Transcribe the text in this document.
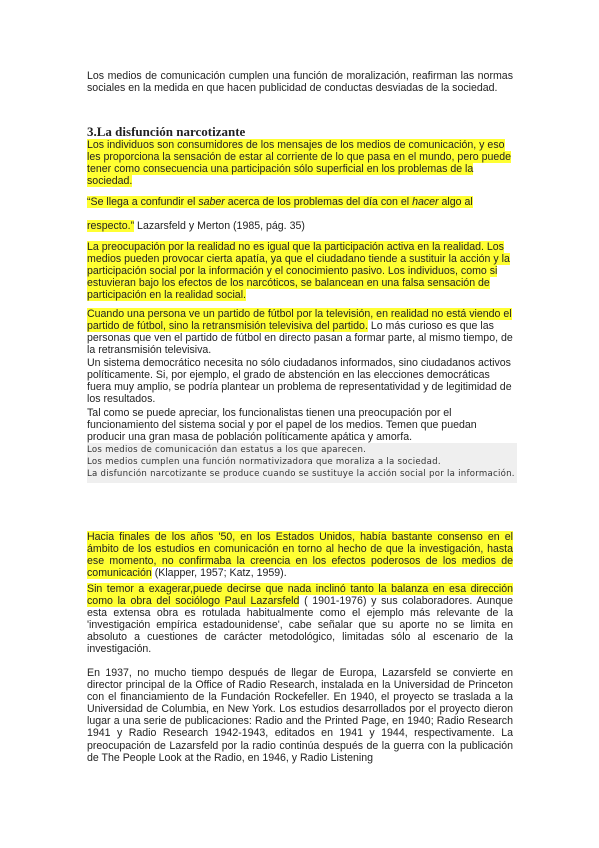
Los medios de comunicación cumplen una función de moralización, reafirman las normas sociales en la medida en que hacen publicidad de conductas desviadas de la sociedad.

3.La disfunción narcotizante

Los individuos son consumidores de los mensajes de los medios de comunicación, y eso les proporciona la sensación de estar al corriente de lo que pasa en el mundo, pero puede tener como consecuencia una participación sólo superficial en los problemas de la sociedad.

“Se llega a confundir el saber acerca de los problemas del día con el hacer algo al respecto.” Lazarsfeld y Merton (1985, pág. 35)

La preocupación por la realidad no es igual que la participación activa en la realidad. Los medios pueden provocar cierta apatía, ya que el ciudadano tiende a sustituir la acción y la participación social por la información y el conocimiento pasivo. Los individuos, como si estuvieran bajo los efectos de los narcóticos, se balancean en una falsa sensación de participación en la realidad social.

Cuando una persona ve un partido de fútbol por la televisión, en realidad no está viendo el partido de fútbol, sino la retransmisión televisiva del partido. Lo más curioso es que las personas que ven el partido de fútbol en directo pasan a formar parte, al mismo tiempo, de la retransmisión televisiva.

Un sistema democrático necesita no sólo ciudadanos informados, sino ciudadanos activos políticamente. Si, por ejemplo, el grado de abstención en las elecciones democráticas fuera muy amplio, se podría plantear un problema de representatividad y de legitimidad de los resultados.

Tal como se puede apreciar, los funcionalistas tienen una preocupación por el funcionamiento del sistema social y por el papel de los medios. Temen que puedan producir una gran masa de población políticamente apática y amorfa.

Los medios de comunicación dan estatus a los que aparecen.
Los medios cumplen una función normativizadora que moraliza a la sociedad.
La disfunción narcotizante se produce cuando se sustituye la acción social por la información.

Hacia finales de los años '50, en los Estados Unidos, había bastante consenso en el ámbito de los estudios en comunicación en torno al hecho de que la investigación, hasta ese momento, no confirmaba la creencia en los efectos poderosos de los medios de comunicación (Klapper, 1957; Katz, 1959).

Sin temor a exagerar,puede decirse que nada inclinó tanto la balanza en esa dirección como la obra del sociólogo Paul Lazarsfeld ( 1901-1976) y sus colaboradores. Aunque esta extensa obra es rotulada habitualmente como el ejemplo más relevante de la 'investigación empírica estadounidense', cabe señalar que su aporte no se limita en absoluto a cuestiones de carácter metodológico, limitadas sólo al escenario de la investigación.

En 1937, no mucho tiempo después de llegar de Europa, Lazarsfeld se convierte en director principal de la Office of Radio Research, instalada en la Universidad de Princeton con el financiamiento de la Fundación Rockefeller. En 1940, el proyecto se traslada a la Universidad de Columbia, en New York. Los estudios desarrollados por el proyecto dieron lugar a una serie de publicaciones: Radio and the Printed Page, en 1940; Radio Research 1941 y Radio Research 1942-1943, editados en 1941 y 1944, respectivamente. La preocupación de Lazarsfeld por la radio continúa después de la guerra con la publicación de The People Look at the Radio, en 1946, y Radio Listening
